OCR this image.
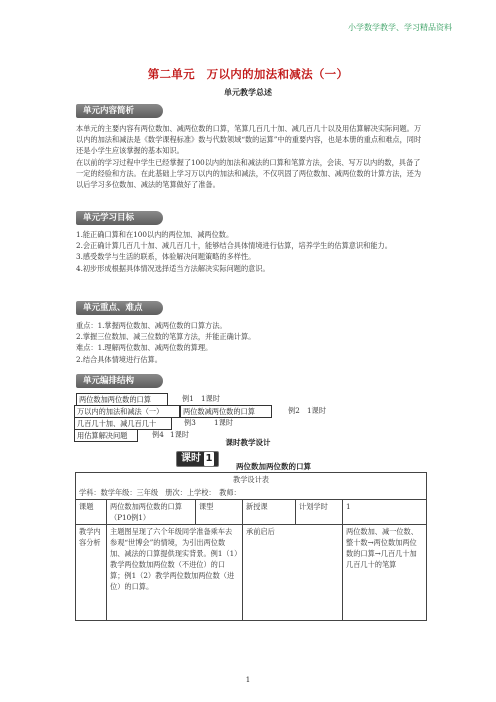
小学数学教学、学习精品资料
第二单元　万以内的加法和减法（一）
单元教学总述
单元内容简析

本单元的主要内容有两位数加、减两位数的口算，笔算几百几十加、减几百几十以及用估算解决实际问题。万以内的加法和减法是《数学课程标准》数与代数领域“数的运算”中的重要内容，也是本册的重点和难点，同时还是小学生应该掌握的基本知识。

在以前的学习过程中学生已经掌握了100以内的加法和减法的口算和笔算方法，会读、写万以内的数，具备了一定的经验和方法。在此基础上学习万以内的加法和减法，不仅巩固了两位数加、减两位数的计算方法，还为以后学习多位数加、减法的笔算做好了准备。

单元学习目标

1.能正确口算和在100以内的两位加、减两位数。

2.会正确计算几百几十加、减几百几十，能够结合具体情境进行估算，培养学生的估算意识和能力。

3.感受数学与生活的联系，体验解决问题策略的多样性。

4.初步形成根据具体情况选择适当方法解决实际问题的意识。

单元重点、难点

重点：1.掌握两位数加、减两位数的口算方法。

2.掌握三位数加、减三位数的笔算方法，并能正确计算。

难点：1.理解两位数加、减两位数的算理。

2.结合具体情境进行估算。

单元编排结构
两位数加两位数的口算	例1　1课时
万以内的加法和减法（一）	两位数减两位数的口算	例2　1课时
几百几十加、减几百几十	例3	1课时
用估算解决问题	例4 1课时
课时教学设计
课时 1
两位数加两位数的口算
教学设计表					
学科：数学年级：三年级　册次：上学校：　教师：					
课题	两位数加两位数的口算（P10例1）	课型	新授课	计划学时	1
教学内容分析	主题图呈现了六个年级同学准备乘车去参观“世博会”的情境，为引出两位数加、减法的口算提供现实背景。例1（1）教学两位数加两位数（不进位）的口算；例1（2）教学两位数加两位数（进位）的口算。		承前启后		两位数加、减一位数、整十数→两位数加两位数的口算→几百几十加几百几十的笔算
1
